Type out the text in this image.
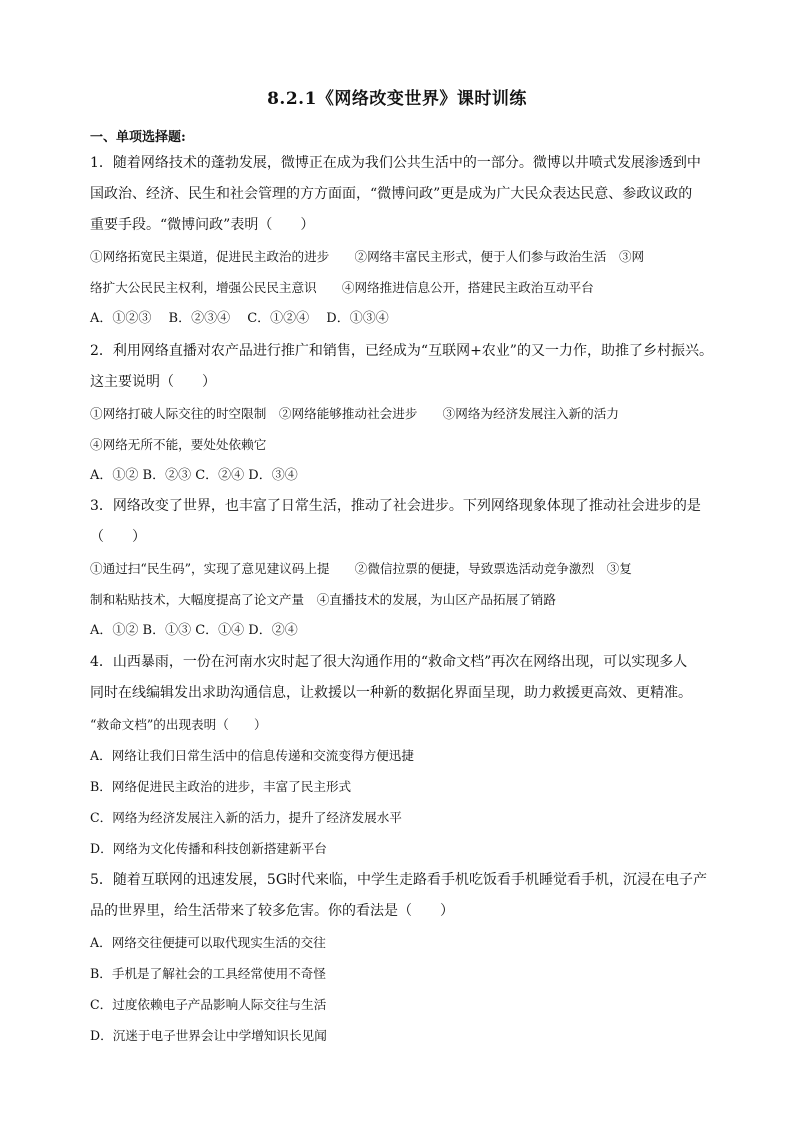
8.2.1《网络改变世界》课时训练
一、单项选择题:
1．随着网络技术的蓬勃发展，微博正在成为我们公共生活中的一部分。微博以井喷式发展渗透到中
国政治、经济、民生和社会管理的方方面面，“微博问政”更是成为广大民众表达民意、参政议政的
重要手段。“微博问政”表明（　　）
①网络拓宽民主渠道，促进民主政治的进步　　②网络丰富民主形式，便于人们参与政治生活　③网
络扩大公民民主权利，增强公民民主意识　　④网络推进信息公开，搭建民主政治互动平台
A．①②③　 B．②③④　 C．①②④　 D．①③④
2．利用网络直播对农产品进行推广和销售，已经成为“互联网+农业”的又一力作，助推了乡村振兴。
这主要说明（　　）
①网络打破人际交往的时空限制　②网络能够推动社会进步　　③网络为经济发展注入新的活力
④网络无所不能，要处处依赖它
A．①② B．②③ C．②④ D．③④
3．网络改变了世界，也丰富了日常生活，推动了社会进步。下列网络现象体现了推动社会进步的是
（　　）
①通过扫“民生码”，实现了意见建议码上提　　②微信拉票的便捷，导致票选活动竞争激烈　③复
制和粘贴技术，大幅度提高了论文产量　④直播技术的发展，为山区产品拓展了销路
A．①② B．①③ C．①④ D．②④
4．山西暴雨，一份在河南水灾时起了很大沟通作用的“救命文档”再次在网络出现，可以实现多人
同时在线编辑发出求助沟通信息，让救援以一种新的数据化界面呈现，助力救援更高效、更精准。
“救命文档”的出现表明（　　）
A．网络让我们日常生活中的信息传递和交流变得方便迅捷
B．网络促进民主政治的进步，丰富了民主形式
C．网络为经济发展注入新的活力，提升了经济发展水平
D．网络为文化传播和科技创新搭建新平台
5．随着互联网的迅速发展，5G时代来临，中学生走路看手机吃饭看手机睡觉看手机，沉浸在电子产
品的世界里，给生活带来了较多危害。你的看法是（　　）
A．网络交往便捷可以取代现实生活的交往
B．手机是了解社会的工具经常使用不奇怪
C．过度依赖电子产品影响人际交往与生活
D．沉迷于电子世界会让中学增知识长见闻
